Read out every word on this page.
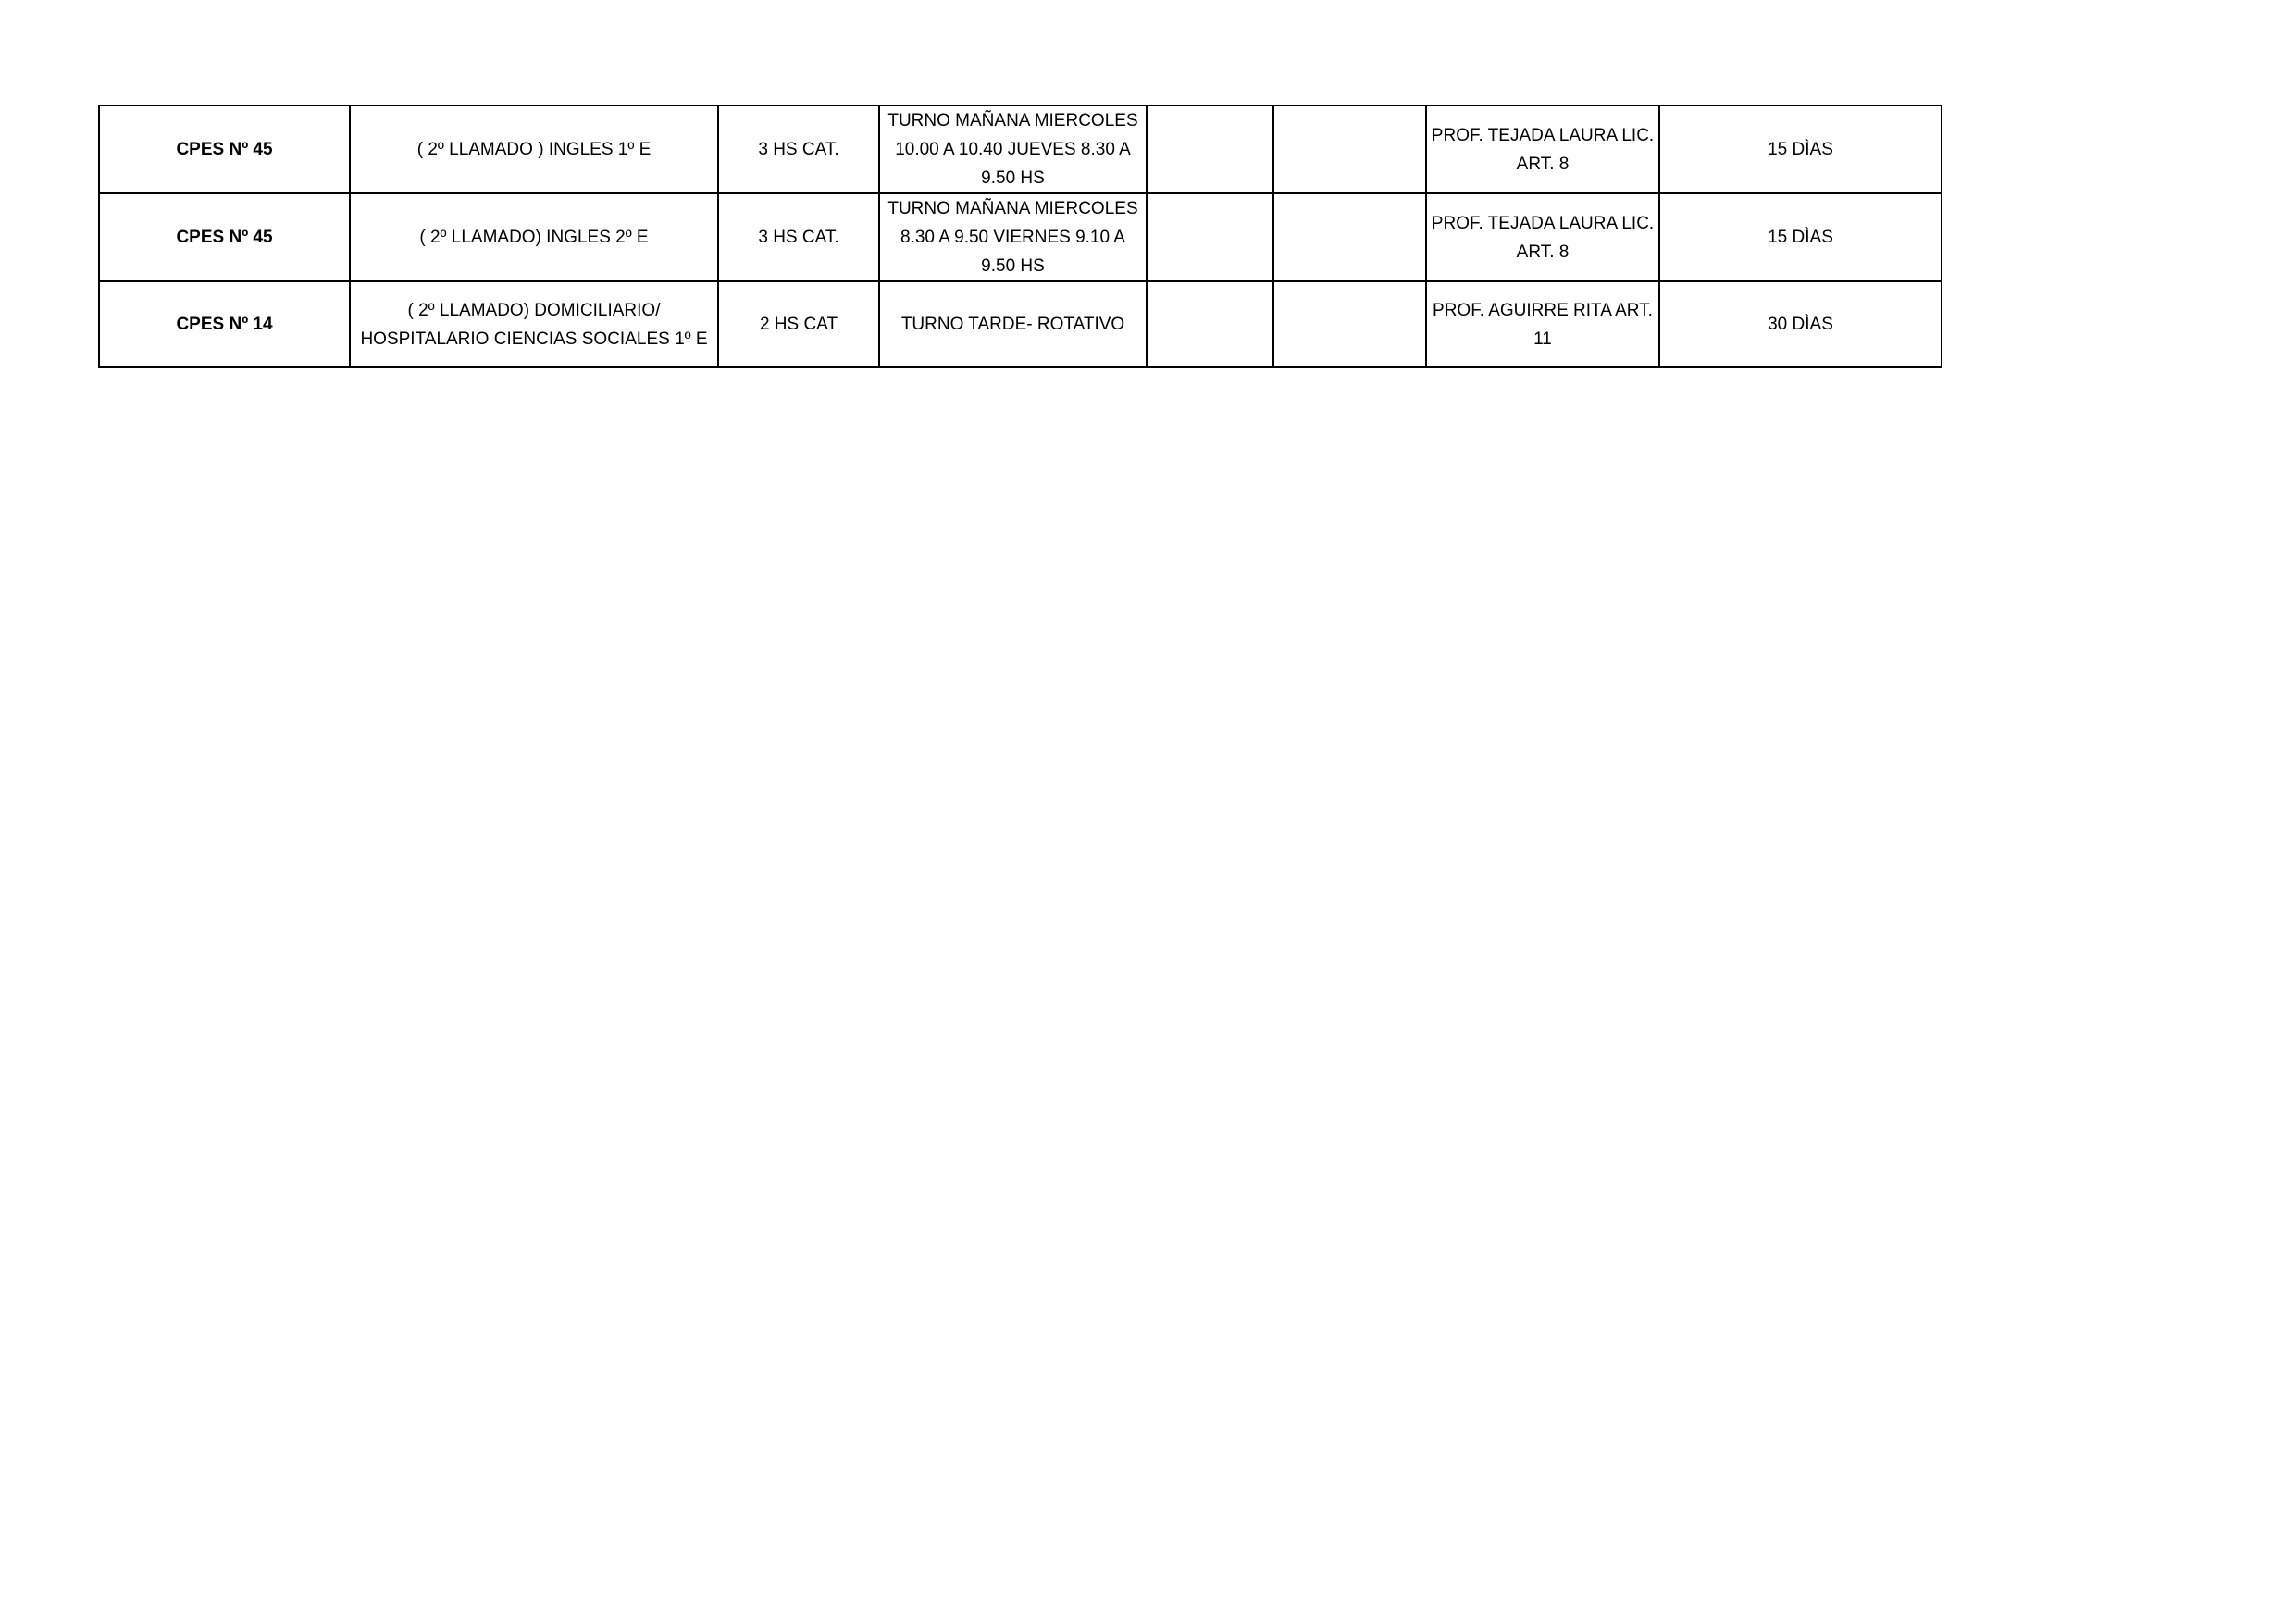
CPES Nº 45	( 2º LLAMADO ) INGLES 1º E	3 HS CAT.	TURNO MAÑANA MIERCOLES 10.00 A 10.40 JUEVES 8.30 A 9.50 HS			PROF. TEJADA LAURA LIC. ART. 8	15 DÌAS
CPES Nº 45	( 2º LLAMADO) INGLES 2º E	3 HS CAT.	TURNO MAÑANA MIERCOLES 8.30 A 9.50 VIERNES 9.10 A 9.50 HS			PROF. TEJADA LAURA LIC. ART. 8	15 DÌAS
CPES Nº 14	( 2º LLAMADO) DOMICILIARIO/ HOSPITALARIO CIENCIAS SOCIALES 1º E	2 HS CAT	TURNO TARDE- ROTATIVO			PROF. AGUIRRE RITA ART. 11	30 DÌAS
